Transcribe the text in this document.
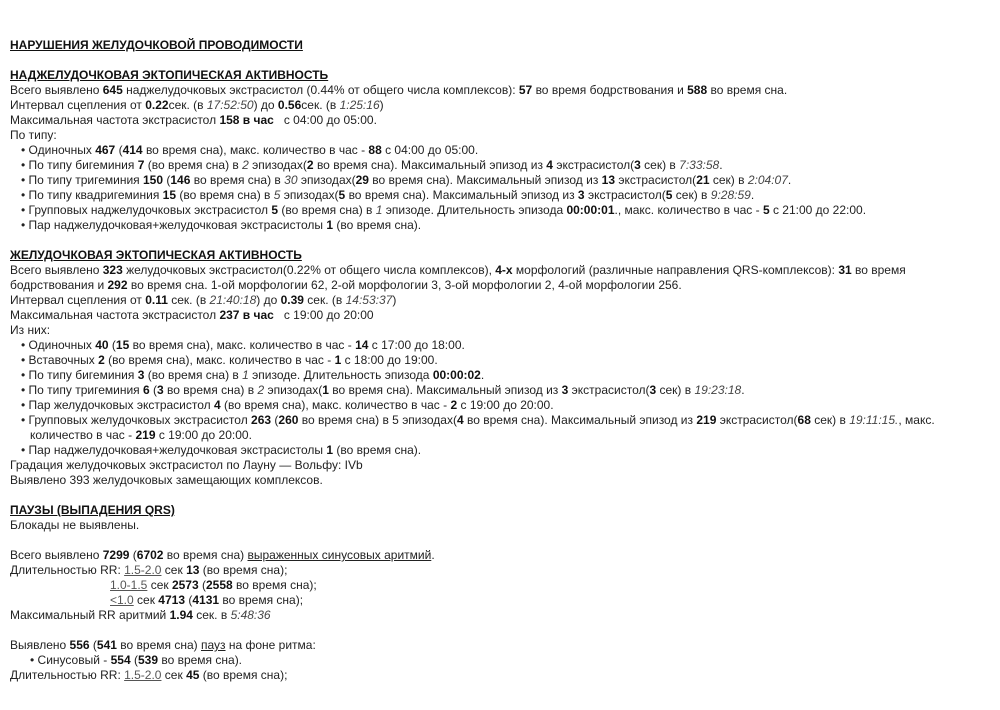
НАРУШЕНИЯ ЖЕЛУДОЧКОВОЙ ПРОВОДИМОСТИ
НАДЖЕЛУДОЧКОВАЯ ЭКТОПИЧЕСКАЯ АКТИВНОСТЬ
Всего выявлено 645 наджелудочковых экстрасистол (0.44% от общего числа комплексов): 57 во время бодрствования и 588 во время сна.
Интервал сцепления от 0.22сек. (в 17:52:50) до 0.56сек. (в 1:25:16)
Максимальная частота экстрасистол 158 в час   с 04:00 до 05:00.
По типу:
• Одиночных 467 (414 во время сна), макс. количество в час - 88 с 04:00 до 05:00.
• По типу бигеминия 7 (во время сна) в 2 эпизодах(2 во время сна). Максимальный эпизод из 4 экстрасистол(3 сек) в 7:33:58.
• По типу тригеминия 150 (146 во время сна) в 30 эпизодах(29 во время сна). Максимальный эпизод из 13 экстрасистол(21 сек) в 2:04:07.
• По типу квадригеминия 15 (во время сна) в 5 эпизодах(5 во время сна). Максимальный эпизод из 3 экстрасистол(5 сек) в 9:28:59.
• Групповых наджелудочковых экстрасистол 5 (во время сна) в 1 эпизоде. Длительность эпизода 00:00:01., макс. количество в час - 5 с 21:00 до 22:00.
• Пар наджелудочковая+желудочковая экстрасистолы 1 (во время сна).
ЖЕЛУДОЧКОВАЯ ЭКТОПИЧЕСКАЯ АКТИВНОСТЬ
Всего выявлено 323 желудочковых экстрасистол(0.22% от общего числа комплексов), 4-х морфологий (различные направления QRS-комплексов): 31 во время бодрствования и 292 во время сна. 1-ой морфологии 62, 2-ой морфологии 3, 3-ой морфологии 2, 4-ой морфологии 256.
Интервал сцепления от 0.11 сек. (в 21:40:18) до 0.39 сек. (в 14:53:37)
Максимальная частота экстрасистол 237 в час   с 19:00 до 20:00
Из них:
• Одиночных 40 (15 во время сна), макс. количество в час - 14 с 17:00 до 18:00.
• Вставочных 2 (во время сна), макс. количество в час - 1 с 18:00 до 19:00.
• По типу бигеминия 3 (во время сна) в 1 эпизоде. Длительность эпизода 00:00:02.
• По типу тригеминия 6 (3 во время сна) в 2 эпизодах(1 во время сна). Максимальный эпизод из 3 экстрасистол(3 сек) в 19:23:18.
• Пар желудочковых экстрасистол 4 (во время сна), макс. количество в час - 2 с 19:00 до 20:00.
• Групповых желудочковых экстрасистол 263 (260 во время сна) в 5 эпизодах(4 во время сна). Максимальный эпизод из 219 экстрасистол(68 сек) в 19:11:15., макс. количество в час - 219 с 19:00 до 20:00.
• Пар наджелудочковая+желудочковая экстрасистолы 1 (во время сна).
Градация желудочковых экстрасистол по Лауну — Вольфу: IVb
Выявлено 393 желудочковых замещающих комплексов.
ПАУЗЫ (ВЫПАДЕНИЯ QRS)
Блокады не выявлены.
Всего выявлено 7299 (6702 во время сна) выраженных синусовых аритмий.
Длительностью RR: 1.5-2.0 сек 13 (во время сна);
1.0-1.5 сек 2573 (2558 во время сна);
<1.0 сек 4713 (4131 во время сна);
Максимальный RR аритмий 1.94 сек. в 5:48:36
Выявлено 556 (541 во время сна) пауз на фоне ритма:
• Синусовый - 554 (539 во время сна).
Длительностью RR: 1.5-2.0 сек 45 (во время сна);
